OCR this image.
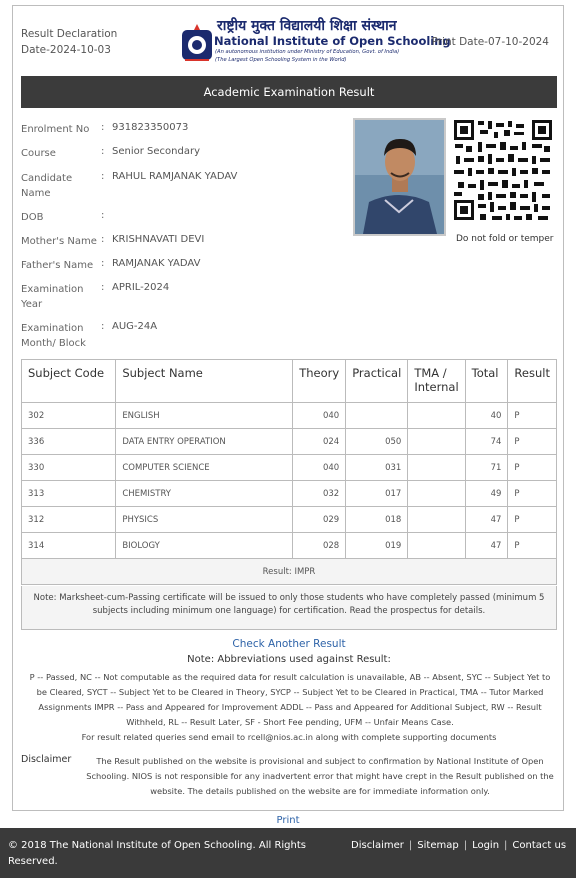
Result Declaration
Date-2024-10-03
राष्ट्रीय मुक्त विद्यालयी शिक्षा संस्थान
National Institute of Open Schooling
(An autonomous institution under Ministry of Education, Govt. of India)
(The Largest Open Schooling System in the World)
Print Date-07-10-2024
Academic Examination Result
Enrolment No	: 931823350073
Course	: Senior Secondary
Candidate Name
: RAHUL RAMJANAK YADAV
DOB	:
Mother's Name : KRISHNAVATI DEVI
Father's Name : RAMJANAK YADAV
Examination Year
: APRIL-2024
Examination Month/ Block
: AUG-24A
Do not fold or temper
Subject Code	Subject Name	Theory	Practical	TMA / Internal	Total	Result
302	ENGLISH	040			40	P
336	DATA ENTRY OPERATION	024	050		74	P
330	COMPUTER SCIENCE	040	031		71	P
313	CHEMISTRY	032	017		49	P
312	PHYSICS	029	018		47	P
314	BIOLOGY	028	019		47	P
Result: IMPR						
Note: Marksheet-cum-Passing certificate will be issued to only those students who have completely passed (minimum 5 subjects including minimum one language) for certification. Read the prospectus for details.
Check Another Result
Note: Abbreviations used against Result:
P -- Passed, NC -- Not computable as the required data for result calculation is unavailable, AB -- Absent, SYC -- Subject Yet to be Cleared, SYCT -- Subject Yet to be Cleared in Theory, SYCP -- Subject Yet to be Cleared in Practical, TMA -- Tutor Marked Assignments IMPR -- Pass and Appeared for Improvement ADDL -- Pass and Appeared for Additional Subject, RW -- Result Withheld, RL -- Result Later, SF - Short Fee pending, UFM -- Unfair Means Case.
For result related queries send email to rcell@nios.ac.in along with complete supporting documents
Disclaimer	The Result published on the website is provisional and subject to confirmation by National Institute of Open Schooling. NIOS is not responsible for any inadvertent error that might have crept in the Result published on the website. The details published on the website are for immediate information only.
Print
© 2018 The National Institute of Open Schooling. All Rights Reserved.
Disclaimer | Sitemap | Login | Contact us
